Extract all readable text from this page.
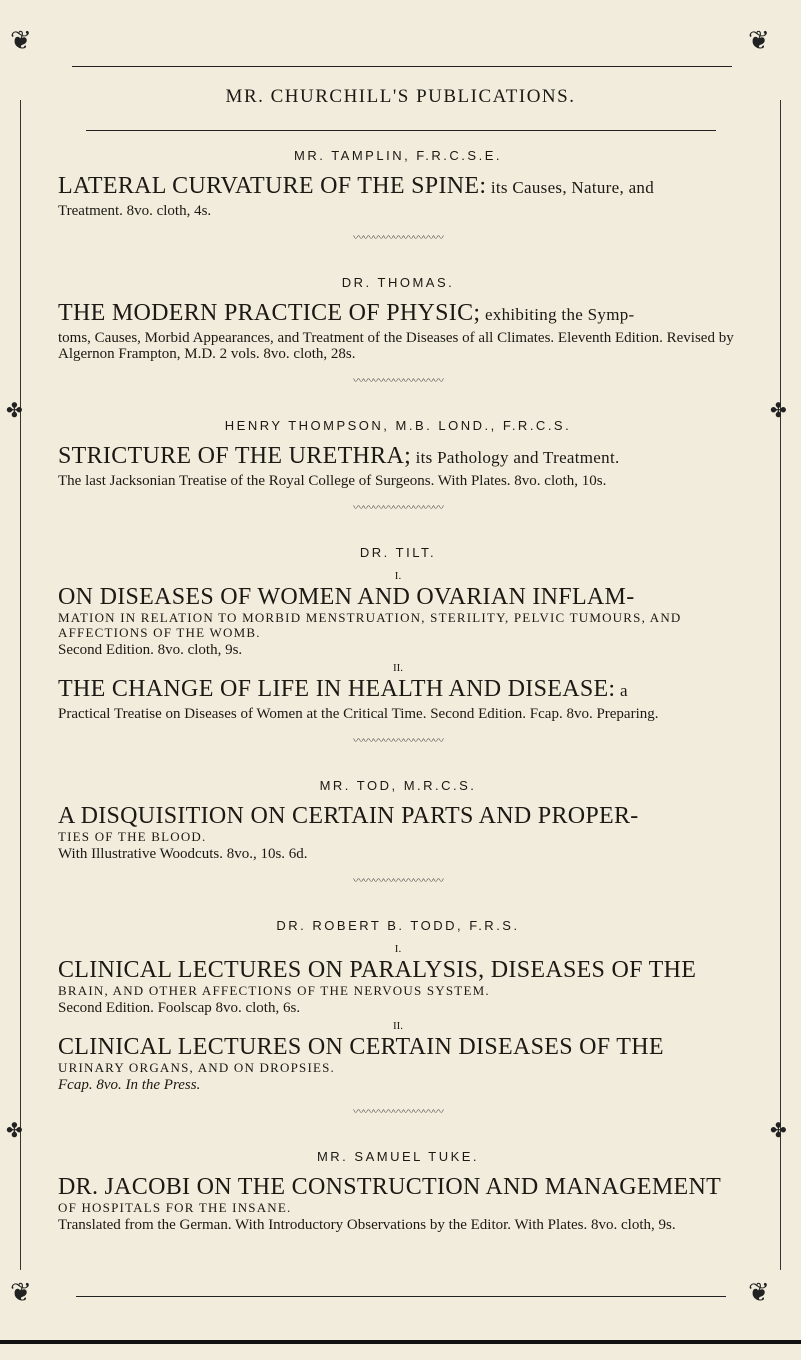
❦	❦
❦	❦
✤	✤
✤	✤
MR. CHURCHILL'S PUBLICATIONS.
MR. TAMPLIN, F.R.C.S.E.
LATERAL CURVATURE OF THE SPINE: its Causes, Nature, and
Treatment. 8vo. cloth, 4s.
〰〰〰〰〰〰〰〰〰
DR. THOMAS.
THE MODERN PRACTICE OF PHYSIC; exhibiting the Symp-
toms, Causes, Morbid Appearances, and Treatment of the Diseases of all Climates. Eleventh Edition. Revised by Algernon Frampton, M.D. 2 vols. 8vo. cloth, 28s.
〰〰〰〰〰〰〰〰〰
HENRY THOMPSON, M.B. LOND., F.R.C.S.
STRICTURE OF THE URETHRA; its Pathology and Treatment.
The last Jacksonian Treatise of the Royal College of Surgeons. With Plates. 8vo. cloth, 10s.
〰〰〰〰〰〰〰〰〰
DR. TILT.
I.
ON DISEASES OF WOMEN AND OVARIAN INFLAM-
MATION IN RELATION TO MORBID MENSTRUATION, STERILITY, PELVIC TUMOURS, AND AFFECTIONS OF THE WOMB.
Second Edition. 8vo. cloth, 9s.
II.
THE CHANGE OF LIFE IN HEALTH AND DISEASE: a
Practical Treatise on Diseases of Women at the Critical Time. Second Edition. Fcap. 8vo. Preparing.
〰〰〰〰〰〰〰〰〰
MR. TOD, M.R.C.S.
A DISQUISITION ON CERTAIN PARTS AND PROPER-
TIES OF THE BLOOD.
With Illustrative Woodcuts. 8vo., 10s. 6d.
〰〰〰〰〰〰〰〰〰
DR. ROBERT B. TODD, F.R.S.
I.
CLINICAL LECTURES ON PARALYSIS, DISEASES OF THE
BRAIN, AND OTHER AFFECTIONS OF THE NERVOUS SYSTEM.
Second Edition. Foolscap 8vo. cloth, 6s.
II.
CLINICAL LECTURES ON CERTAIN DISEASES OF THE
URINARY ORGANS, AND ON DROPSIES.
Fcap. 8vo. In the Press.
〰〰〰〰〰〰〰〰〰
MR. SAMUEL TUKE.
DR. JACOBI ON THE CONSTRUCTION AND MANAGEMENT
OF HOSPITALS FOR THE INSANE.
Translated from the German. With Introductory Observations by the Editor. With Plates. 8vo. cloth, 9s.
